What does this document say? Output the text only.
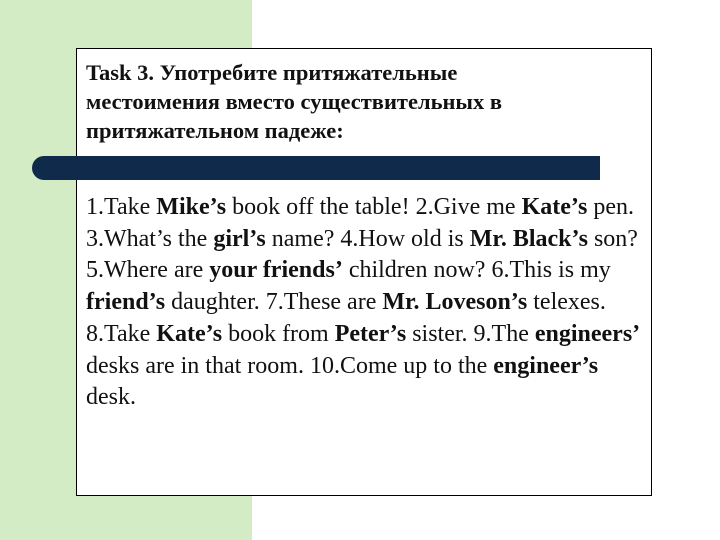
Task 3. Употребите притяжательные
местоимения вместо существительных в
притяжательном падеже:

1.Take Mike’s book off the table! 2.Give me Kate’s pen. 3.What’s the girl’s name? 4.How old is Mr. Black’s son? 5.Where are your friends’ children now? 6.This is my friend’s daughter. 7.These are Mr. Loveson’s telexes. 8.Take Kate’s book from Peter’s sister. 9.The engineers’ desks are in that room. 10.Come up to the engineer’s desk.
